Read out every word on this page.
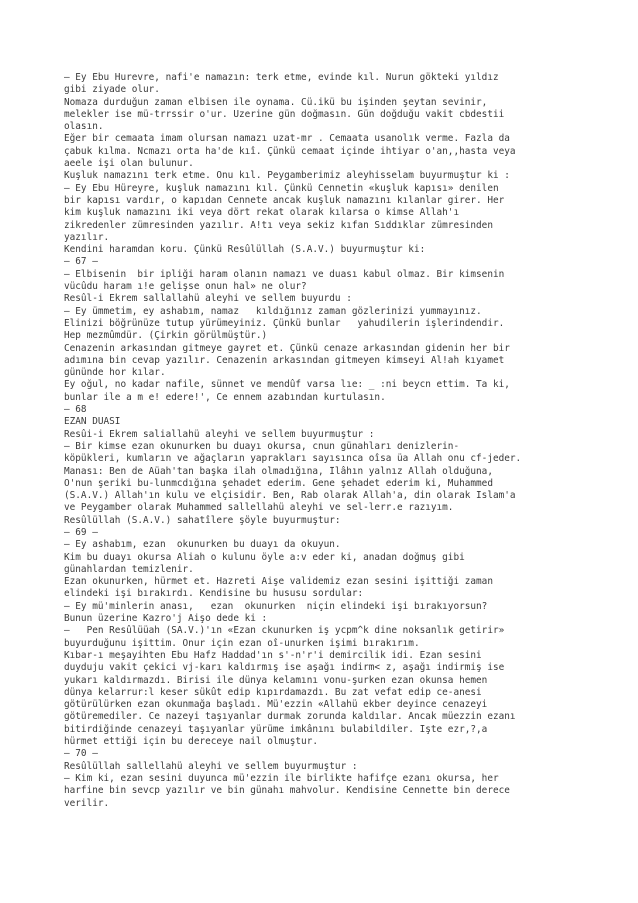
— Ey Ebu Hurevre, nafi'e namazın: terk etme, evinde kıl. Nurun gökteki yıldız
gibi ziyade olur.
Nomaza durduğun zaman elbisen ile oynama. Cü.ikü bu işinden şeytan sevinir,
melekler ise mü-trrssir o'ur. Üzerine gün doğmasın. Gün doğduğu vakit cbdestii
olasın.
Eğer bir cemaata imam olursan namazı uzat-mr . Cemaata usanolık verme. Fazla da
çabuk kılma. Ncmazı orta ha'de kıî. Çünkü cemaat içinde ihtiyar o'an,,hasta veya
aeele işi olan bulunur.
Kuşluk namazını terk etme. Onu kıl. Peygamberimiz aleyhisselam buyurmuştur ki :
— Ey Ebu Hüreyre, kuşluk namazını kıl. Çünkü Cennetin «kuşluk kapısı» denilen
bir kapısı vardır, o kapıdan Cennete ancak kuşluk namazını kılanlar girer. Her
kim kuşluk namazını iki veya dört rekat olarak kılarsa o kimse Allah'ı
zikredenler zümresinden yazılır. A!tı veya sekiz kıfan Sıddıklar zümresinden
yazılır.
Kendini haramdan koru. Çünkü Resûlüllah (S.A.V.) buyurmuştur ki:
— 67 —
— Elbisenin  bir ipliği haram olanın namazı ve duası kabul olmaz. Bir kimsenin
vücûdu haram ı!e gelişse onun hal» ne olur?
Resûl-i Ekrem sallallahü aleyhi ve sellem buyurdu :
— Ey ümmetim, ey ashabım, namaz   kıldığınız zaman gözlerinizi yummayınız.
Elinizi böğrünüze tutup yürümeyiniz. Çünkü bunlar   yahudilerin işlerindendir.
Hep mezmûmdür. (Çirkin görülmüştür.)
Cenazenin arkasından gitmeye gayret et. Çünkü cenaze arkasından gidenin her bir
adımına bin cevap yazılır. Cenazenin arkasından gitmeyen kimseyi Al!ah kıyamet
gününde hor kılar.
Ey oğul, no kadar nafile, sünnet ve mendûf varsa lıe: _ :ni beycn ettim. Ta ki,
bunlar ile a m e! edere!', Ce ennem azabından kurtulasın.
— 68
EZAN DUASI
Resûi-i Ekrem saliallahü aleyhi ve sellem buyurmuştur :
— Bir kimse ezan okunurken bu duayı okursa, cnun günahları denizlerin-
köpükleri, kumların ve ağaçların yaprakları sayısınca oîsa üa Allah onu cf-jeder.
Manası: Ben de Aüah'tan başka ilah olmadığına, Îlâhın yalnız Allah olduğuna,
O'nun şeriki bu-lunmcdığına şehadet ederim. Gene şehadet ederim ki, Muhammed
(S.A.V.) Allah'ın kulu ve elçisidir. Ben, Rab olarak Allah'a, din olarak İslam'a
ve Peygamber olarak Muhammed sallellahü aleyhi ve sel-lerr.e razıyım.
Resûlüllah (S.A.V.) sahatîlere şöyle buyurmuştur:
— 69 —
— Ey ashabım, ezan  okunurken bu duayı da okuyun.
Kim bu duayı okursa Aliah o kulunu öyle a:v eder ki, anadan doğmuş gibi
günahlardan temizlenir.
Ezan okunurken, hürmet et. Hazreti Aişe validemiz ezan sesini işittiği zaman
elindeki işi bırakırdı. Kendisine bu hususu sordular:
— Ey mü'minlerin anası,   ezan  okunurken  niçin elindeki işi bırakıyorsun?
Bunun üzerine Kazro'j Aişo dede ki :
—   Pen Resûlüüah (SA.V.)'ın «Ezan ckunurken iş ycpm^k dine noksanlık getirir»
buyurduğunu işittim. Onur için ezan oî-unurken işimi bırakırım.
Kıbar-ı meşayihten Ebu Hafz Haddad'ın s'-n'r'i demircilik idi. Ezan sesini
duyduju vakit çekici vj-karı kaldırmış ise aşağı indirm< z, aşağı indirmiş ise
yukarı kaldırmazdı. Birisi ile dünya kelamını vonu-şurken ezan okunsa hemen
dünya kelarrur:l keser sükût edip kıpırdamazdı. Bu zat vefat edip ce-anesi
götürülürken ezan okunmağa başladı. Mü'ezzin «Allahü ekber deyince cenazeyi
götüremediler. Ce nazeyi taşıyanlar durmak zorunda kaldılar. Ancak müezzin ezanı
bitirdiğinde cenazeyi taşıyanlar yürüme imkânını bulabildiler. İşte ezr,?,a
hürmet ettiği için bu dereceye nail olmuştur.
— 70 —
Resûlüllah sallellahü aleyhi ve sellem buyurmuştur :
— Kim ki, ezan sesini duyunca mü'ezzin ile birlikte hafifçe ezanı okursa, her
harfine bin sevcp yazılır ve bin günahı mahvolur. Kendisine Cennette bin derece
verilir.
